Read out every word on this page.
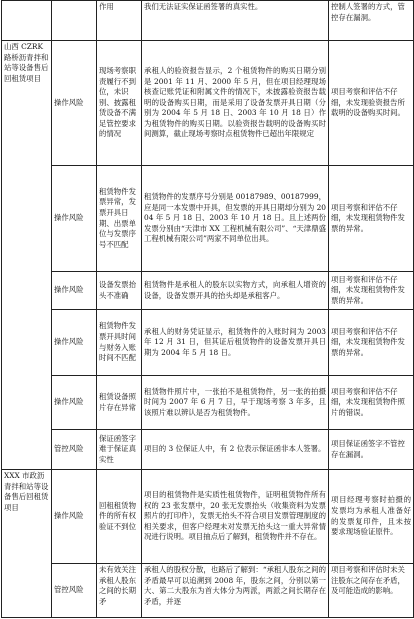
		作用	我们无法证实保证函签署的真实性。	控制人签署的方式，管控存在漏洞。
山西 CZRK 路桥沥青拌和站等设备售后回租赁项目	操作风险	现场考察职责履行不到位，未识别、披露租赁设备不满足管控要求的情况	承租人的验资报告显示，2 个租赁物件的购买日期分别是 2001 年 11 月、2000 年 5 月，但在项目经理现场核查记账凭证和附属文件的情况下，未披露验资报告载明的设备购买日期，而是采用了设备发票开具日期（分别为 2004 年 5 月 18 日、2003 年 10 月 18 日）作为租赁物件的购买日期。以验资报告载明的设备购买时间测算，截止现场考察时点租赁物件已超出年限规定	项目考察和评估不仔细，未发现验资报告所载明的设备购买时间。
	操作风险	租赁物件发票异常，发票开具日期、出票单位与发票序号不匹配	租赁物件的发票序号分别是 00187989、00187999，应是同一本发票中开具，但发票的开具日期却分别为 2004 年 5 月 18 日、2003 年 10 月 18 日。且上述两份发票分别由“天津市 XX 工程机械有限公司”、“天津鼎盛工程机械有限公司”两家不同单位出具。	项目考察和评估不仔细，未发现租赁物件发票的异常。
	操作风险	设备发票抬头不准确	租赁物件是承租人的股东以实物方式，向承租人增资的设备，设备发票开具的抬头却是承租客户。	项目考察和评估不仔细，未发现租赁物件发票的异常。
	操作风险	租赁物件发票开具时间与财务入账时间不匹配	承租人的财务凭证显示，租赁物件的入账时间为 2003 年 12 月 31 日，但其证后租赁物件的设备发票开具日期为 2004 年 5 月 18 日。	项目考察和评估不仔细，未发现租赁物件发票的异常。
	操作风险	租赁设备照片存在异常	租赁物件照片中，一张拍不是租赁物件，另一张的拍摄时间为 2007 年 6 月 7 日，早于现场考察 3 年多，且该照片难以辨认是否为租赁物件。	项目考察和评估不仔细，未发现租赁物件照片的错误。
	管控风险	保证函签字难于保证真实性	项目的 3 位保证人中，有 2 位表示保证函非本人签署。	项目保证函签字不管控存在漏洞。
XXX 市政沥青拌和站等设备售后回租赁项目	操作风险	回租租赁物件的所有权验证不到位	项目的租赁物件是实质性租赁物件，证明租赁物件所有权的 23 张发票中，20 张无发票抬头（收集资料为发票照片的打印件），发票无抬头不符合项目发票管理制度的相关要求，但客户经理未对发票无抬头这一重大异常情况进行说明。项目抽点后了解到，租赁物件并不存在。	项目经理考察时拍摄的发票均为承租人准备好的发票复印件，且未按要求现场验证原件。
	管控风险	未有效关注承租人股东之间的长期矛	承租人的股权分散，也路后了解到：“承租人股东之间的矛盾最早可以追溯到 2008 年，股东之间，分别以第一大、第二大股东为首大体分为两派，两派之间长期存在矛盾，并逐	项目考察和评估时未关注股东之间存在矛盾，及可能造成的影响。
